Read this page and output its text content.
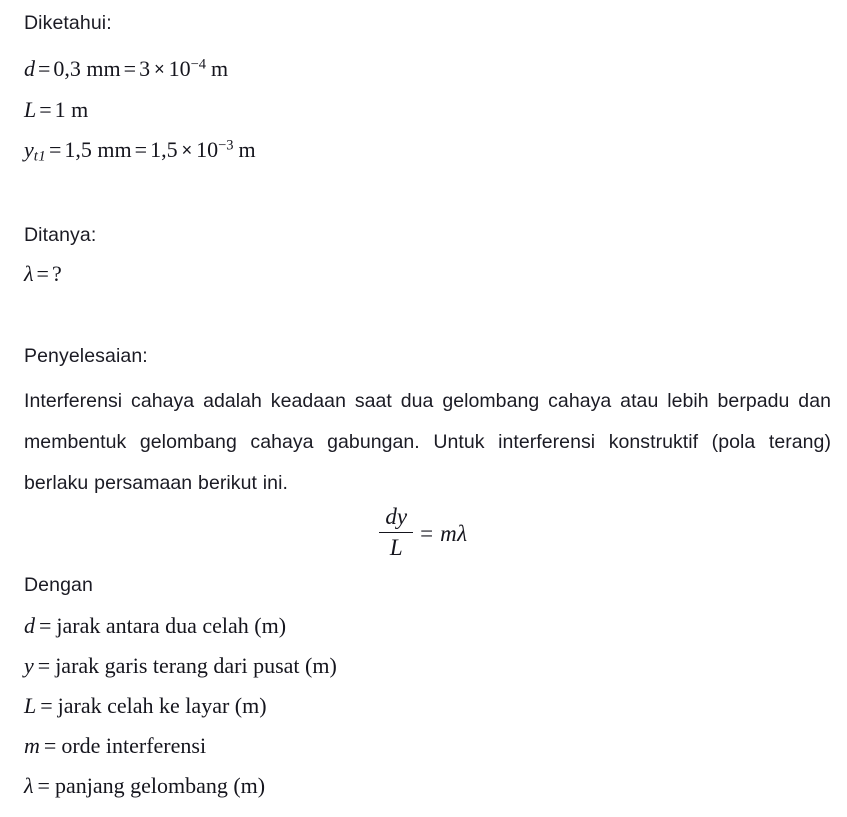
Diketahui:
d = 0,3 mm = $3 \times 10^{-4}$ m
L = 1 m
$y_{t1} = 1,5$ mm = $1,5 \times 10^{-3}$ m
Ditanya:
λ = ?
Penyelesaian:
Interferensi cahaya adalah keadaan saat dua gelombang cahaya atau lebih berpadu dan membentuk gelombang cahaya gabungan. Untuk interferensi konstruktif (pola terang) berlaku persamaan berikut ini.
$\frac{dy}{L} = m\lambda$
Dengan
d = jarak antara dua celah (m)
y = jarak garis terang dari pusat (m)
L = jarak celah ke layar (m)
m = orde interferensi
λ = panjang gelombang (m)
